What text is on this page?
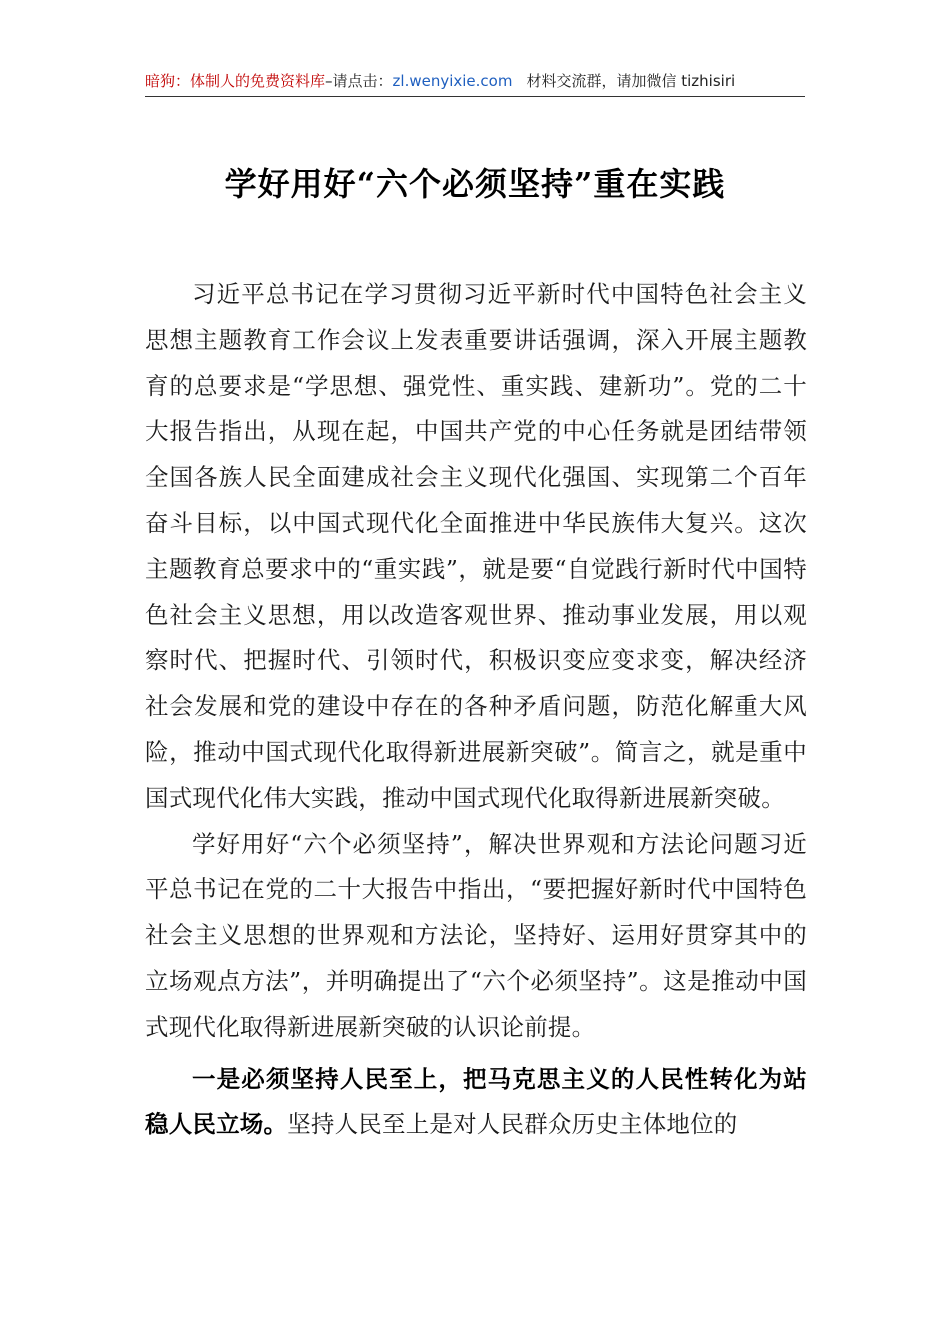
暗狗：体制人的免费资料库–请点击：zl.wenyixie.com 材料交流群，请加微信 tizhisiri
学好用好“六个必须坚持”重在实践

习近平总书记在学习贯彻习近平新时代中国特色社会主义思想主题教育工作会议上发表重要讲话强调，深入开展主题教育的总要求是“学思想、强党性、重实践、建新功”。党的二十大报告指出，从现在起，中国共产党的中心任务就是团结带领全国各族人民全面建成社会主义现代化强国、实现第二个百年奋斗目标，以中国式现代化全面推进中华民族伟大复兴。这次主题教育总要求中的“重实践”，就是要“自觉践行新时代中国特色社会主义思想，用以改造客观世界、推动事业发展，用以观察时代、把握时代、引领时代，积极识变应变求变，解决经济社会发展和党的建设中存在的各种矛盾问题，防范化解重大风险，推动中国式现代化取得新进展新突破”。简言之，就是重中国式现代化伟大实践，推动中国式现代化取得新进展新突破。

学好用好“六个必须坚持”，解决世界观和方法论问题习近平总书记在党的二十大报告中指出，“要把握好新时代中国特色社会主义思想的世界观和方法论，坚持好、运用好贯穿其中的立场观点方法”，并明确提出了“六个必须坚持”。这是推动中国式现代化取得新进展新突破的认识论前提。

一是必须坚持人民至上，把马克思主义的人民性转化为站稳人民立场。坚持人民至上是对人民群众历史主体地位的
